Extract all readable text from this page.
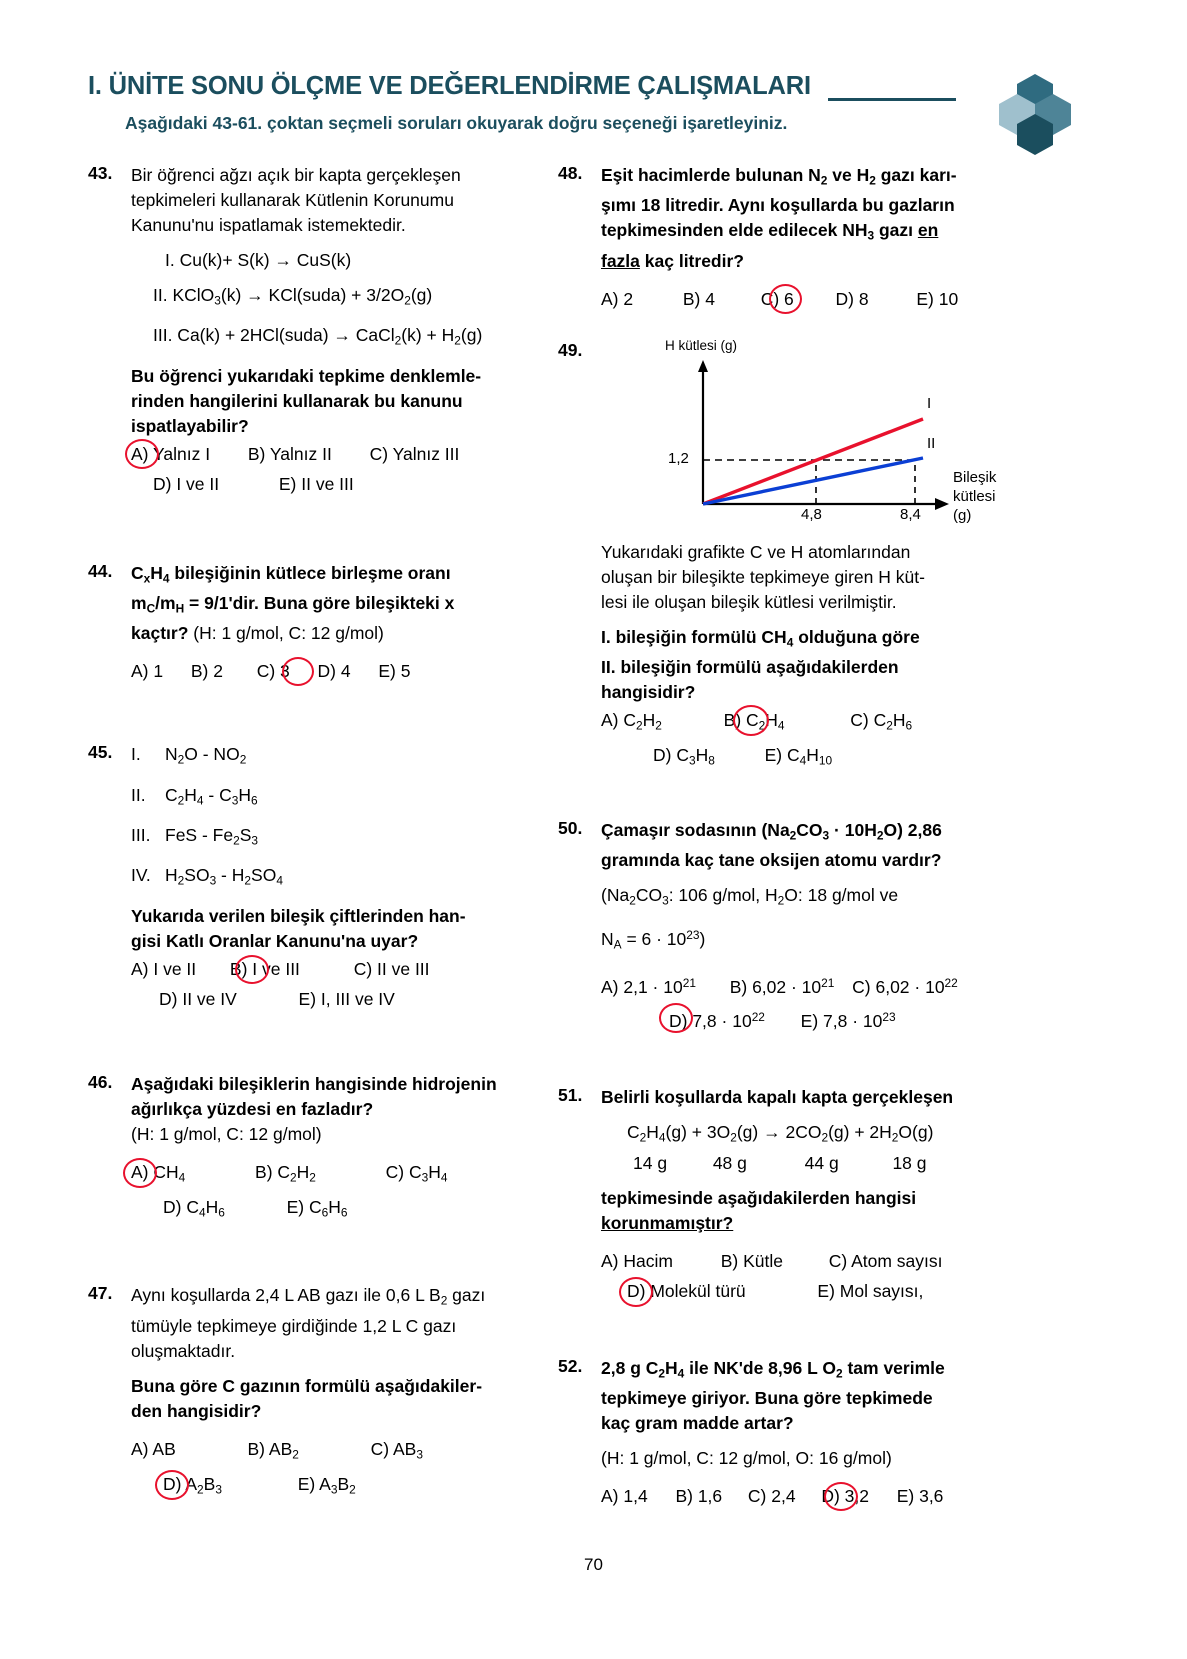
I. ÜNİTE SONU ÖLÇME VE DEĞERLENDİRME ÇALIŞMALARI
Aşağıdaki 43-61. çoktan seçmeli soruları okuyarak doğru seçeneği işaretleyiniz.
43.	Bir öğrenci ağzı açık bir kapta gerçekleşen
tepkimeleri kullanarak Kütlenin Korunumu
Kanunu'nu ispatlamak istemektedir.
I. Cu(k)+ S(k) → CuS(k)
II. KClO$_3$(k) → KCl(suda) + $3/2O_2(g)$
III. Ca(k) + 2HCl(suda) → CaCl$_2$(k) + $H_2(g)$
Bu öğrenci yukarıdaki tepkime denklemle-
rinden hangilerini kullanarak bu kanunu
ispatlayabilir?
A) Yalnız I B) Yalnız II C) Yalnız III
D) I ve II	E) II ve III
44.	$C_xH_4$ bileşiğinin kütlece birleşme oranı
$m_C/m_H = 9/1'dir$. Buna göre bileşikteki x
kaçtır? (H: 1 g/mol, C: 12 g/mol)
A) 1 B) 2 C) 3 D) 4 E) 5
45.	I. $N_2O - NO_2$
II. $C_2H_4 - C_3H_6$
III. FeS - $Fe_2S_3$
IV. $H_2SO_3 - H_2SO_4$
Yukarıda verilen bileşik çiftlerinden han-
gisi Katlı Oranlar Kanunu'na uyar?
A) I ve II B) I ve III	C) II ve III
D) II ve IV	E) I, III ve IV
46.	Aşağıdaki bileşiklerin hangisinde hidrojenin
ağırlıkça yüzdesi en fazladır?
(H: 1 g/mol, C: 12 g/mol)
A) $CH_4$	B) $C_2H_2$	C) $C_3H_4$
D) $C_4H_6$	E) $C_6H_6$
47.	Aynı koşullarda 2,4 L AB gazı ile 0,6 L $B_2$ gazı
tümüyle tepkimeye girdiğinde 1,2 L C gazı
oluşmaktadır.
Buna göre C gazının formülü aşağıdakiler-
den hangisidir?
A) AB	B) $AB_2$	C) $AB_3$
D) $A_2B_3$	E) $A_3B_2$
48.	Eşit hacimlerde bulunan $N_2$ ve $H_2$ gazı karı-
şımı 18 litredir. Aynı koşullarda bu gazların
tepkimesinden elde edilecek $NH_3$ gazı en
fazla kaç litredir?
A) 2	B) 4	C) 6 D) 8	E) 10
49.	H kütlesi (g)
I
II
1,2
4,8	8,4
Bileşik
kütlesi (g)
Yukarıdaki grafikte C ve H atomlarından
oluşan bir bileşikte tepkimeye giren H küt-
lesi ile oluşan bileşik kütlesi verilmiştir.
I. bileşiğin formülü $CH_4$ olduğuna göre
II. bileşiğin formülü aşağıdakilerden
hangisidir?
A) $C_2H_2$	B) $C_2H_4$	C) $C_2H_6$
D) $C_3H_8$	E) $C_4H_{10}$
50.	Çamaşır sodasının $(Na_2CO_3 \cdot 10H_2O)$ 2,86
gramında kaç tane oksijen atomu vardır?
($Na_2CO_3$: 106 g/mol, $H_2O$: 18 g/mol ve
$N_A = 6 \cdot 10^{23}$)
A) $2,1 \cdot 10^{21}$ B) $6,02 \cdot 10^{21}$ C) $6,02 \cdot 10^{22}$
D) $7,8 \cdot 10^{22}$ E) $7,8 \cdot 10^{23}$
51.	Belirli koşullarda kapalı kapta gerçekleşen
$C_2H_4(g) + 3O_2(g) \to 2CO_2(g) + 2H_2O(g)$
14 g	48 g	44 g	18 g
tepkimesinde aşağıdakilerden hangisi
korunmamıştır?
A) Hacim	B) Kütle	C) Atom sayısı
D) Molekül türü	E) Mol sayısı,
52.	2,8 g $C_2H_4$ ile NK'de 8,96 L $O_2$ tam verimle
tepkimeye giriyor. Buna göre tepkimede
kaç gram madde artar?
(H: 1 g/mol, C: 12 g/mol, O: 16 g/mol)
A) 1,4 B) 1,6 C) 2,4 D) 3,2 E) 3,6
70
